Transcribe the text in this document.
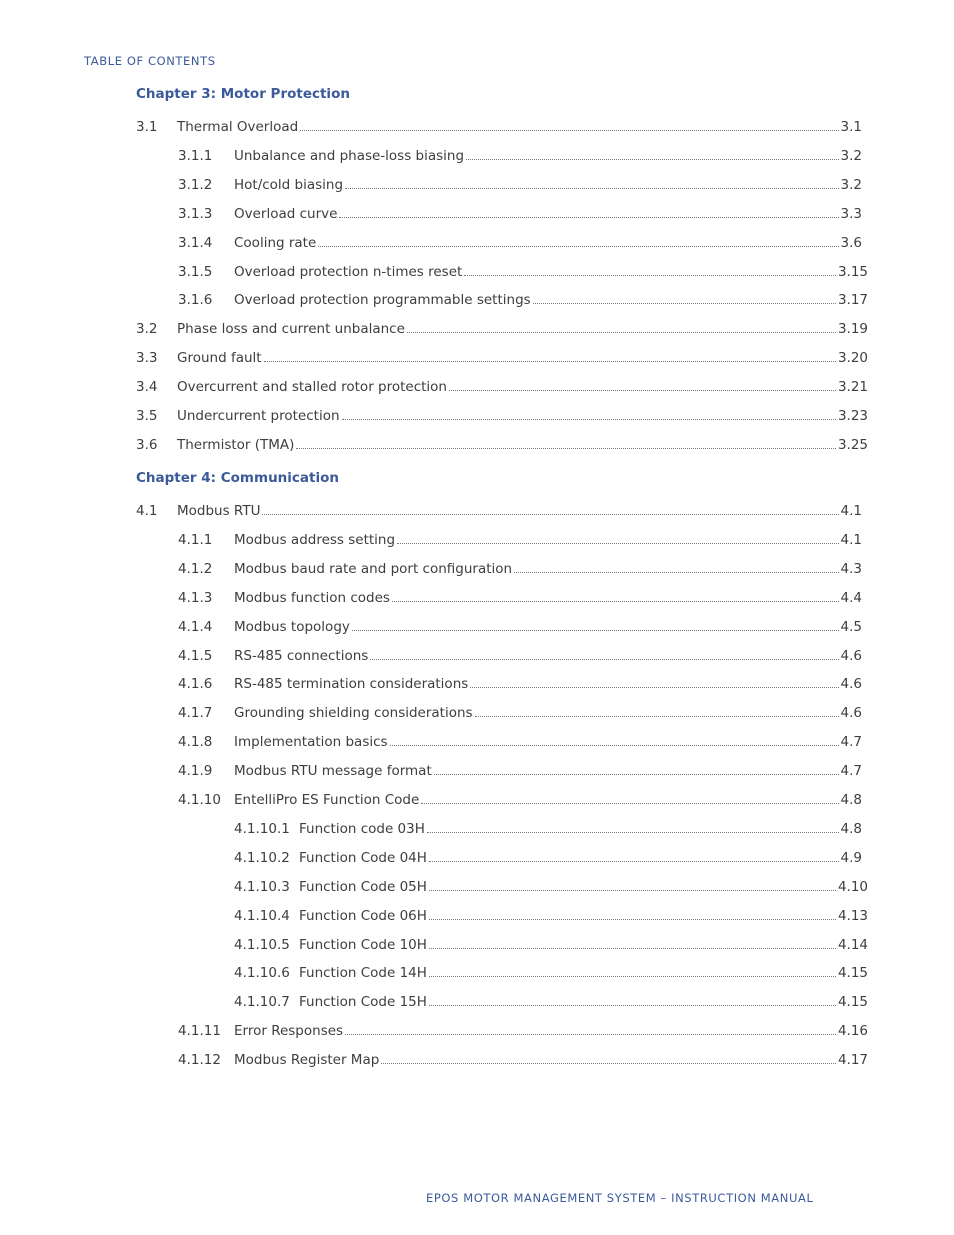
TABLE OF CONTENTS
Chapter 3: Motor Protection
3.1	Thermal Overload	3.1
3.1.1	Unbalance and phase-loss biasing	3.2
3.1.2	Hot/cold biasing	3.2
3.1.3	Overload curve	3.3
3.1.4	Cooling rate	3.6
3.1.5	Overload protection n-times reset	3.15
3.1.6	Overload protection programmable settings	3.17
3.2	Phase loss and current unbalance	3.19
3.3	Ground fault	3.20
3.4	Overcurrent and stalled rotor protection	3.21
3.5	Undercurrent protection	3.23
3.6	Thermistor (TMA)	3.25
Chapter 4: Communication
4.1	Modbus RTU	4.1
4.1.1	Modbus address setting	4.1
4.1.2	Modbus baud rate and port configuration	4.3
4.1.3	Modbus function codes	4.4
4.1.4	Modbus topology	4.5
4.1.5	RS-485 connections	4.6
4.1.6	RS-485 termination considerations	4.6
4.1.7	Grounding shielding considerations	4.6
4.1.8	Implementation basics	4.7
4.1.9	Modbus RTU message format	4.7
4.1.10 EntelliPro ES Function Code	4.8
4.1.10.1 Function code 03H	4.8
4.1.10.2 Function Code 04H	4.9
4.1.10.3 Function Code 05H	4.10
4.1.10.4 Function Code 06H	4.13
4.1.10.5 Function Code 10H	4.14
4.1.10.6 Function Code 14H	4.15
4.1.10.7 Function Code 15H	4.15
4.1.11 Error Responses	4.16
4.1.12 Modbus Register Map	4.17
EPOS MOTOR MANAGEMENT SYSTEM – INSTRUCTION MANUAL
